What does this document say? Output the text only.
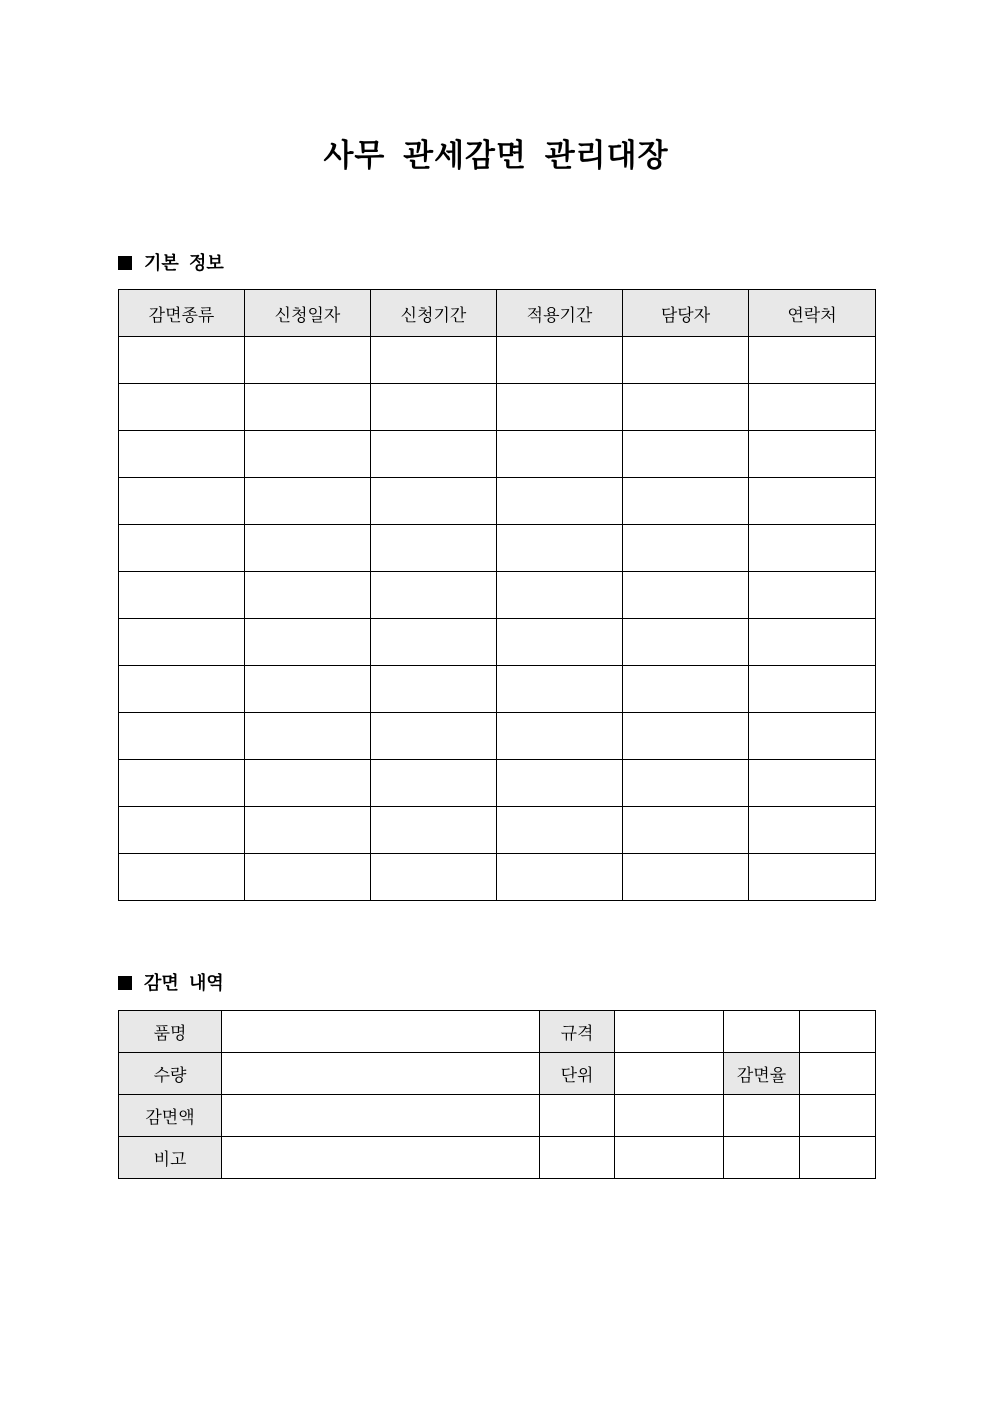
사무 관세감면 관리대장
기본 정보
감면종류	신청일자	신청기간	적용기간	담당자	연락처

감면 내역
품명		규격			
수량		단위		감면율	
감면액					
비고					
